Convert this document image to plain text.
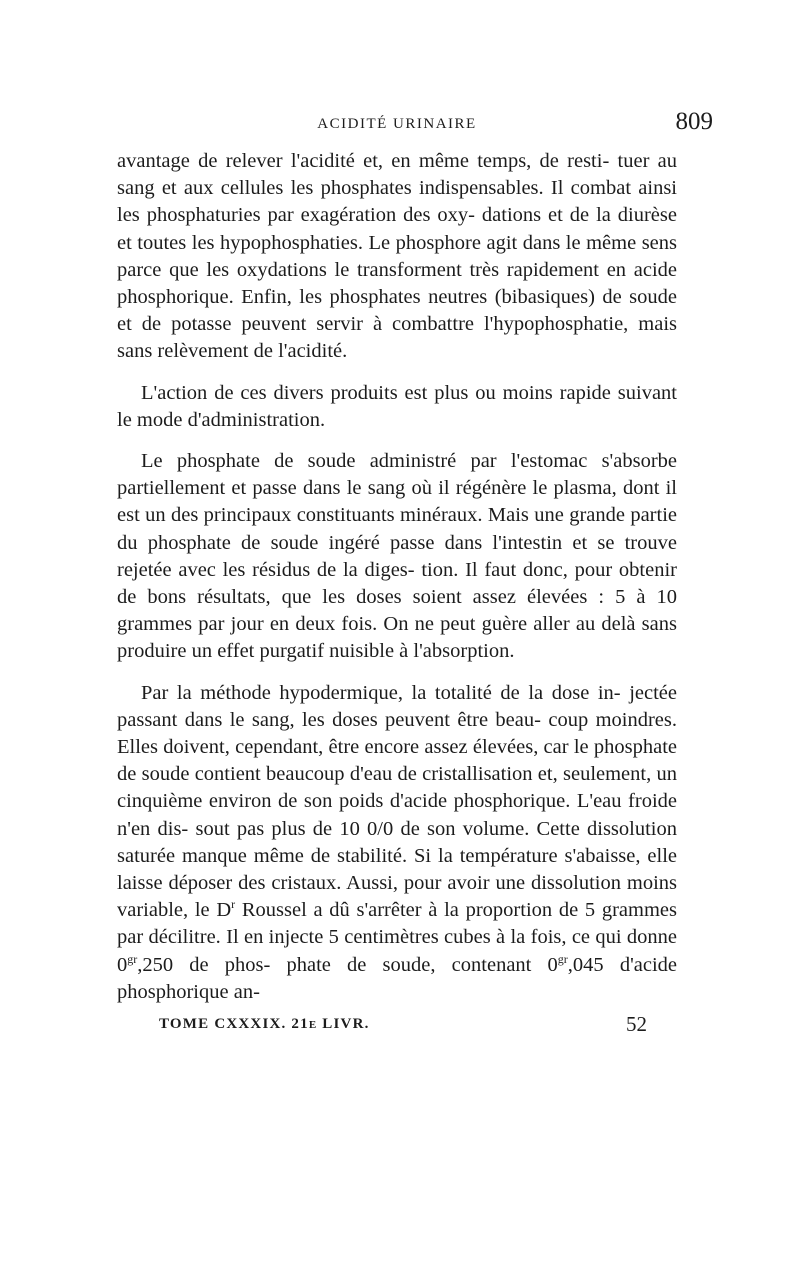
ACIDITÉ URINAIRE	809

avantage de relever l'acidité et, en même temps, de resti- tuer au sang et aux cellules les phosphates indispensables. Il combat ainsi les phosphaturies par exagération des oxy- dations et de la diurèse et toutes les hypophosphaties. Le phosphore agit dans le même sens parce que les oxydations le transforment très rapidement en acide phosphorique. Enfin, les phosphates neutres (bibasiques) de soude et de potasse peuvent servir à combattre l'hypophosphatie, mais sans relèvement de l'acidité.

L'action de ces divers produits est plus ou moins rapide suivant le mode d'administration.

Le phosphate de soude administré par l'estomac s'absorbe partiellement et passe dans le sang où il régénère le plasma, dont il est un des principaux constituants minéraux. Mais une grande partie du phosphate de soude ingéré passe dans l'intestin et se trouve rejetée avec les résidus de la diges- tion. Il faut donc, pour obtenir de bons résultats, que les doses soient assez élevées : 5 à 10 grammes par jour en deux fois. On ne peut guère aller au delà sans produire un effet purgatif nuisible à l'absorption.

Par la méthode hypodermique, la totalité de la dose in- jectée passant dans le sang, les doses peuvent être beau- coup moindres. Elles doivent, cependant, être encore assez élevées, car le phosphate de soude contient beaucoup d'eau de cristallisation et, seulement, un cinquième environ de son poids d'acide phosphorique. L'eau froide n'en dis- sout pas plus de 10 0/0 de son volume. Cette dissolution saturée manque même de stabilité. Si la température s'abaisse, elle laisse déposer des cristaux. Aussi, pour avoir une dissolution moins variable, le $D^r$ Roussel a dû s'arrêter à la proportion de 5 grammes par décilitre. Il en injecte 5 centimètres cubes à la fois, ce qui donne $0^{gr},250$ de phos- phate de soude, contenant $0^{gr},045$ d'acide phosphorique an-

TOME CXXXIX. 21e LIVR.	52
